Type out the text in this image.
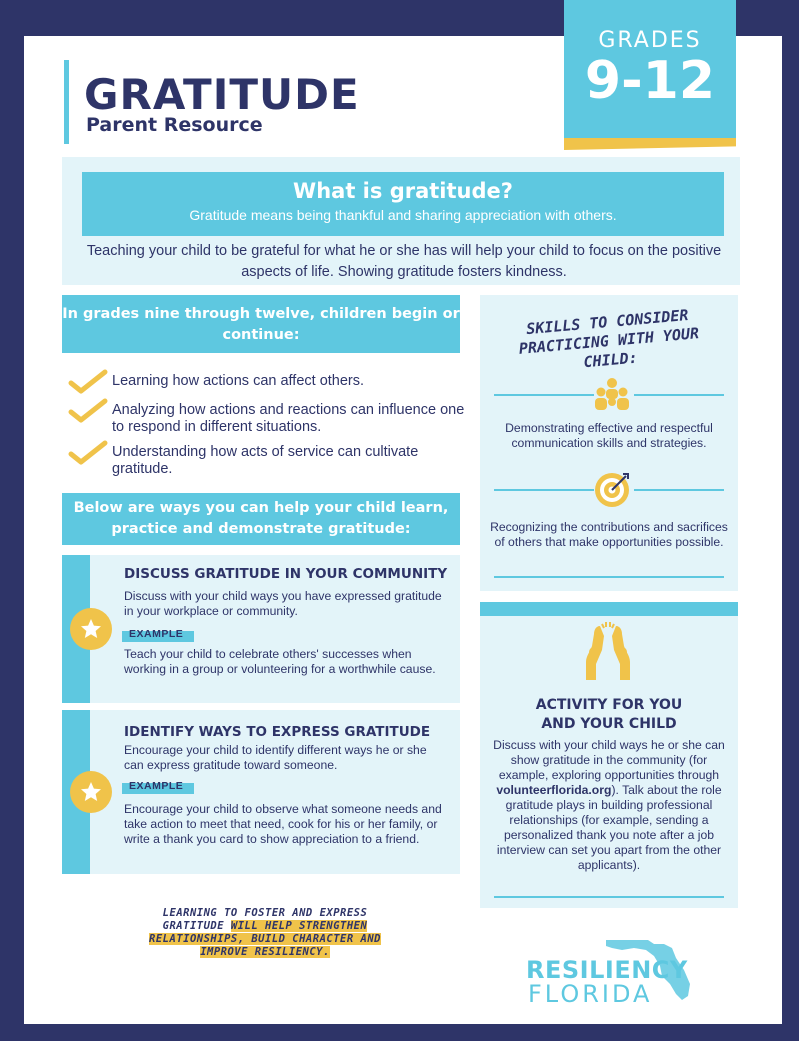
GRATITUDE
Parent Resource
GRADES
9-12
What is gratitude?
Gratitude means being thankful and sharing appreciation with others.
Teaching your child to be grateful for what he or she has will help your child to focus on the positive aspects of life. Showing gratitude fosters kindness.
In grades nine through twelve, children begin or continue:
Learning how actions can affect others.
Analyzing how actions and reactions can influence one to respond in different situations.
Understanding how acts of service can cultivate gratitude.
Below are ways you can help your child learn, practice and demonstrate gratitude:
DISCUSS GRATITUDE IN YOUR COMMUNITY
Discuss with your child ways you have expressed gratitude in your workplace or community.
EXAMPLE
Teach your child to celebrate others' successes when working in a group or volunteering for a worthwhile cause.
IDENTIFY WAYS TO EXPRESS GRATITUDE
Encourage your child to identify different ways he or she can express gratitude toward someone.
EXAMPLE
Encourage your child to observe what someone needs and take action to meet that need, cook for his or her family, or write a thank you card to show appreciation to a friend.
LEARNING TO FOSTER AND EXPRESS
GRATITUDE WILL HELP STRENGTHEN
RELATIONSHIPS, BUILD CHARACTER AND
IMPROVE RESILIENCY.
SKILLS TO CONSIDER PRACTICING WITH YOUR CHILD:
Demonstrating effective and respectful communication skills and strategies.
Recognizing the contributions and sacrifices of others that make opportunities possible.
ACTIVITY FOR YOU
AND YOUR CHILD
Discuss with your child ways he or she can show gratitude in the community (for example, exploring opportunities through volunteerflorida.org). Talk about the role gratitude plays in building professional relationships (for example, sending a personalized thank you note after a job interview can set you apart from the other applicants).
RESILIENCY
FLORIDA
